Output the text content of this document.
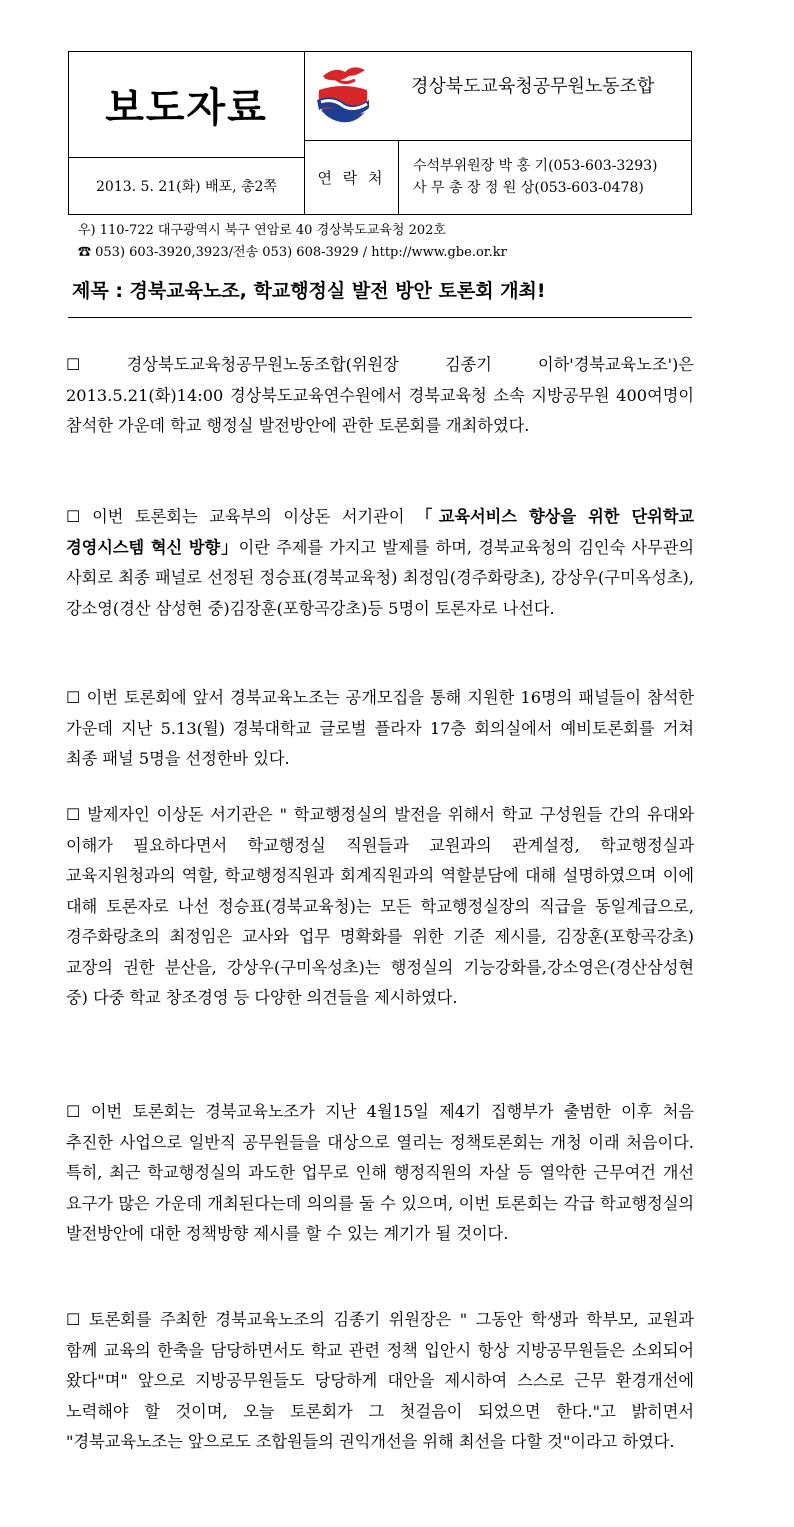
보도자료	경상북도교육청공무원노동조합
2013. 5. 21(화) 배포, 총2쪽	연 락 처
수석부위원장 박 홍 기(053-603-3293)
사 무 총 장 정 원 상(053-603-0478)
우) 110-722 대구광역시 북구 연암로 40 경상북도교육청 202호
☎ 053) 603-3920,3923/전송 053) 608-3929 / http://www.gbe.or.kr
제목 : 경북교육노조, 학교행정실 발전 방안 토론회 개최!
☐ 경상북도교육청공무원노동조합(위원장 김종기 이하'경북교육노조')은 2013.5.21(화)14:00 경상북도교육연수원에서 경북교육청 소속 지방공무원 400여명이 참석한 가운데 학교 행정실 발전방안에 관한 토론회를 개최하였다.
☐ 이번 토론회는 교육부의 이상돈 서기관이 「교육서비스 향상을 위한 단위학교 경영시스템 혁신 방향」이란 주제를 가지고 발제를 하며, 경북교육청의 김인숙 사무관의 사회로 최종 패널로 선정된 정승표(경북교육청) 최정임(경주화랑초), 강상우(구미옥성초), 강소영(경산 삼성현 중)김장훈(포항곡강초)등 5명이 토론자로 나선다.
☐ 이번 토론회에 앞서 경북교육노조는 공개모집을 통해 지원한 16명의 패널들이 참석한 가운데 지난 5.13(월) 경북대학교 글로벌 플라자 17층 회의실에서 예비토론회를 거쳐 최종 패널 5명을 선정한바 있다.
☐ 발제자인 이상돈 서기관은 " 학교행정실의 발전을 위해서 학교 구성원들 간의 유대와 이해가 필요하다면서 학교행정실 직원들과 교원과의 관계설정, 학교행정실과 교육지원청과의 역할, 학교행정직원과 회계직원과의 역할분담에 대해 설명하였으며 이에 대해 토론자로 나선 정승표(경북교육청)는 모든 학교행정실장의 직급을 동일계급으로, 경주화랑초의 최정임은 교사와 업무 명확화를 위한 기준 제시를, 김장훈(포항곡강초) 교장의 권한 분산을, 강상우(구미옥성초)는 행정실의 기능강화를,강소영은(경산삼성현 중) 다중 학교 창조경영 등 다양한 의견들을 제시하였다.
☐ 이번 토론회는 경북교육노조가 지난 4월15일 제4기 집행부가 출범한 이후 처음 추진한 사업으로 일반직 공무원들을 대상으로 열리는 정책토론회는 개청 이래 처음이다. 특히, 최근 학교행정실의 과도한 업무로 인해 행정직원의 자살 등 열악한 근무여건 개선 요구가 많은 가운데 개최된다는데 의의를 둘 수 있으며, 이번 토론회는 각급 학교행정실의 발전방안에 대한 정책방향 제시를 할 수 있는 계기가 될 것이다.
☐ 토론회를 주최한 경북교육노조의 김종기 위원장은 " 그동안 학생과 학부모, 교원과 함께 교육의 한축을 담당하면서도 학교 관련 정책 입안시 항상 지방공무원들은 소외되어 왔다"며" 앞으로 지방공무원들도 당당하게 대안을 제시하여 스스로 근무 환경개선에 노력해야 할 것이며, 오늘 토론회가 그 첫걸음이 되었으면 한다."고 밝히면서 "경북교육노조는 앞으로도 조합원들의 권익개선을 위해 최선을 다할 것"이라고 하였다.
